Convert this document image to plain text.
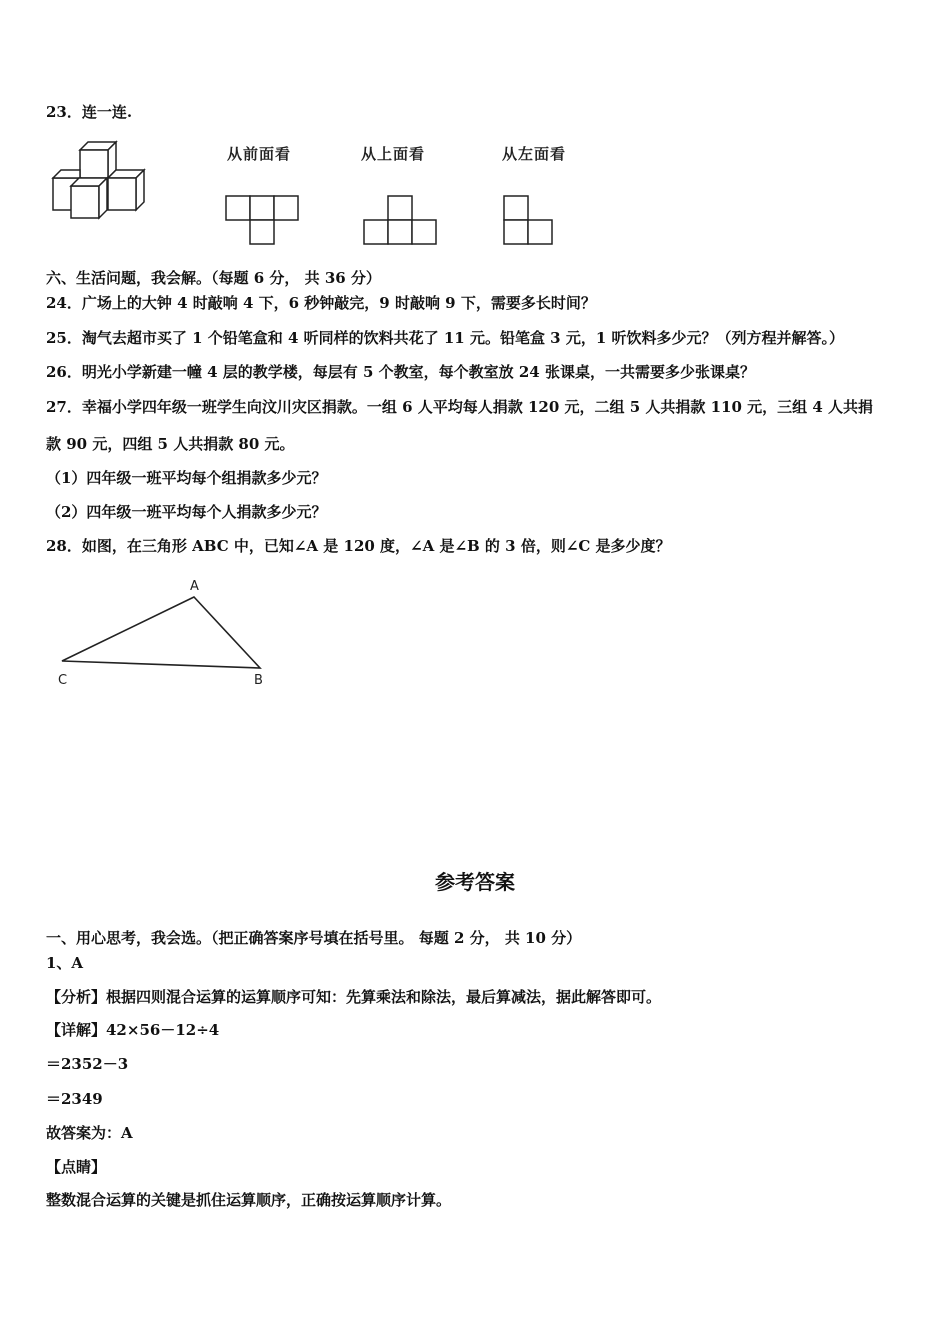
23．连一连.
从前面看	从上面看	从左面看
六、生活问题，我会解。（每题 6 分， 共 36 分）
24．广场上的大钟 4 时敲响 4 下，6 秒钟敲完，9 时敲响 9 下，需要多长时间？
25．淘气去超市买了 1 个铅笔盒和 4 听同样的饮料共花了 11 元。铅笔盒 3 元，1 听饮料多少元？（列方程并解答。）
26．明光小学新建一幢 4 层的教学楼，每层有 5 个教室，每个教室放 24 张课桌，一共需要多少张课桌？
27．幸福小学四年级一班学生向汶川灾区捐款。一组 6 人平均每人捐款 120 元，二组 5 人共捐款 110 元，三组 4 人共捐
款 90 元，四组 5 人共捐款 80 元。
（1）四年级一班平均每个组捐款多少元？
（2）四年级一班平均每个人捐款多少元？
28．如图，在三角形 ABC 中，已知∠A 是 120 度，∠A 是∠B 的 3 倍，则∠C 是多少度？
A
B
C
参考答案
一、用心思考，我会选。（把正确答案序号填在括号里。 每题 2 分， 共 10 分）
1、A
【分析】根据四则混合运算的运算顺序可知：先算乘法和除法，最后算减法，据此解答即可。
【详解】42×56－12÷4
＝2352－3
＝2349
故答案为：A
【点睛】
整数混合运算的关键是抓住运算顺序，正确按运算顺序计算。
